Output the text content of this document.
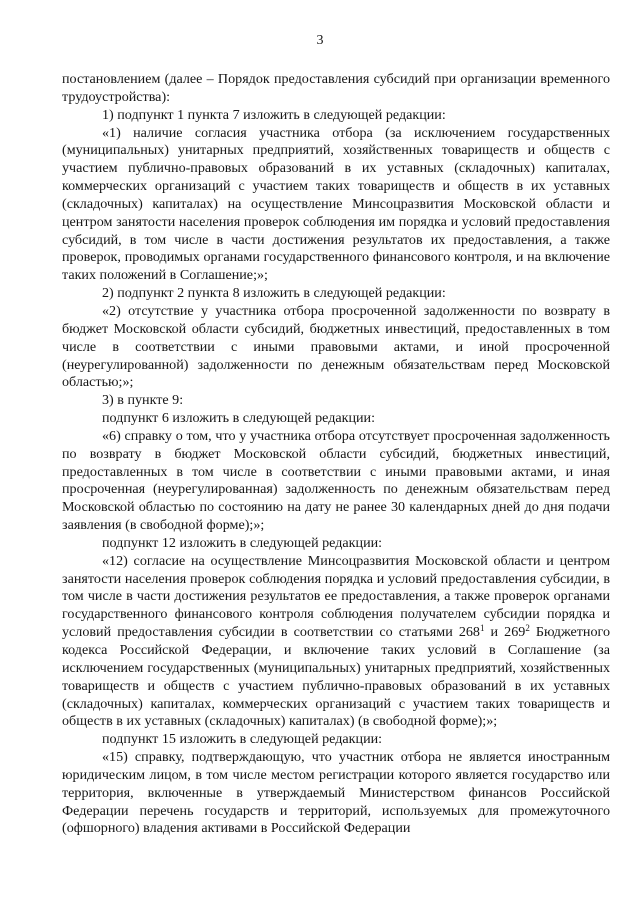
3

постановлением (далее – Порядок предоставления субсидий при организации временного трудоустройства):

1) подпункт 1 пункта 7 изложить в следующей редакции:

«1) наличие согласия участника отбора (за исключением государственных (муниципальных) унитарных предприятий, хозяйственных товариществ и обществ с участием публично-правовых образований в их уставных (складочных) капиталах, коммерческих организаций с участием таких товариществ и обществ в их уставных (складочных) капиталах) на осуществление Минсоцразвития Московской области и центром занятости населения проверок соблюдения им порядка и условий предоставления субсидий, в том числе в части достижения результатов их предоставления, а также проверок, проводимых органами государственного финансового контроля, и на включение таких положений в Соглашение;»;

2) подпункт 2 пункта 8 изложить в следующей редакции:

«2) отсутствие у участника отбора просроченной задолженности по возврату в бюджет Московской области субсидий, бюджетных инвестиций, предоставленных в том числе в соответствии с иными правовыми актами, и иной просроченной (неурегулированной) задолженности по денежным обязательствам перед Московской областью;»;

3) в пункте 9:

подпункт 6 изложить в следующей редакции:

«6) справку о том, что у участника отбора отсутствует просроченная задолженность по возврату в бюджет Московской области субсидий, бюджетных инвестиций, предоставленных в том числе в соответствии с иными правовыми актами, и иная просроченная (неурегулированная) задолженность по денежным обязательствам перед Московской областью по состоянию на дату не ранее 30 календарных дней до дня подачи заявления (в свободной форме);»;

подпункт 12 изложить в следующей редакции:

«12) согласие на осуществление Минсоцразвития Московской области и центром занятости населения проверок соблюдения порядка и условий предоставления субсидии, в том числе в части достижения результатов ее предоставления, а также проверок органами государственного финансового контроля соблюдения получателем субсидии порядка и условий предоставления субсидии в соответствии со статьями $268^1$ и $269^2$ Бюджетного кодекса Российской Федерации, и включение таких условий в Соглашение (за исключением государственных (муниципальных) унитарных предприятий, хозяйственных товариществ и обществ с участием публично-правовых образований в их уставных (складочных) капиталах, коммерческих организаций с участием таких товариществ и обществ в их уставных (складочных) капиталах) (в свободной форме);»;

подпункт 15 изложить в следующей редакции:

«15) справку, подтверждающую, что участник отбора не является иностранным юридическим лицом, в том числе местом регистрации которого является государство или территория, включенные в утверждаемый Министерством финансов Российской Федерации перечень государств и территорий, используемых для промежуточного (офшорного) владения активами в Российской Федерации
